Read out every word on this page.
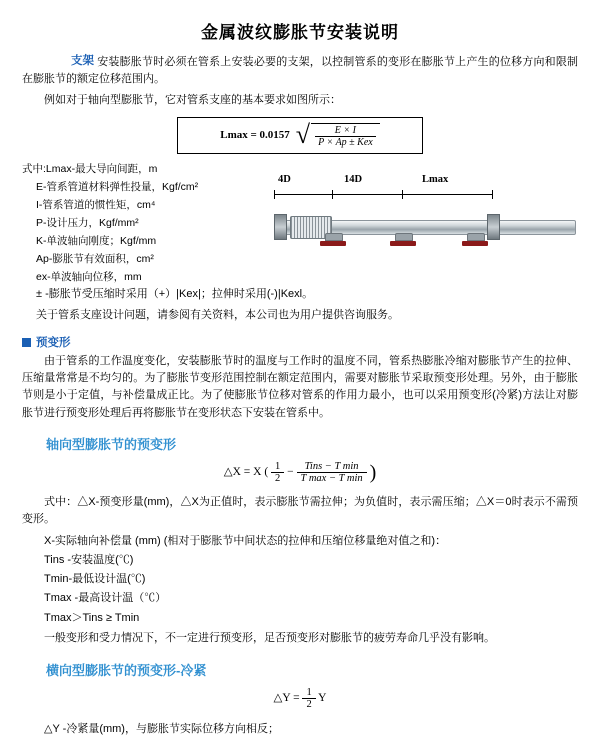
金属波纹膨胀节安装说明
支架 安装膨胀节时必须在管系上安装必要的支架，以控制管系的变形在膨胀节上产生的位移方向和限制在膨胀节的额定位移范围内。
例如对于轴向型膨胀节，它对管系支座的基本要求如图所示：
Lmax = 0.0157 √ $\frac{E \times I}{\text{P × Ap ± Kex}}$
式中:Lmax-最大导向间距，m
E-管系管道材料弹性投量，Kgf/cm²
I-管系管道的惯性矩，cm⁴
P-设计压力，Kgf/mm²
K-单波轴向刚度；Kgf/mm
Ap-膨胀节有效面积，cm²
ex-单波轴向位移，mm
4D	14D	Lmax
± -膨胀节受压缩时采用（+）|Kex|；拉伸时采用(-)|Kexl。
关于管系支座设计问题，请参阅有关资料，本公司也为用户提供咨询服务。
预变形
由于管系的工作温度变化，安装膨胀节时的温度与工作时的温度不同，管系热膨胀冷缩对膨胀节产生的拉伸、压缩量常常是不均匀的。为了膨胀节变形范围控制在额定范围内，需要对膨胀节采取预变形处理。另外，由于膨胀节则是小于定值，与补偿量成正比。为了使膨胀节位移对管系的作用力最小，也可以采用预变形(冷紧)方法让对膨胀节进行预变形处理后再将膨胀节在变形状态下安装在管系中。
轴向型膨胀节的预变形
△X = X ( $\frac{1}{2} - \frac{\text{Tins − T min}}{\text{T max − T min}}$ )
式中：△X-预变形量(mm)，△X为正值时，表示膨胀节需拉伸；为负值时，表示需压缩；△X＝0时表示不需预变形。
X-实际轴向补偿量 (mm) (相对于膨胀节中间状态的拉伸和压缩位移量绝对值之和)：
Tins -安装温度(℃)
Tmin-最低设计温(℃)
Tmax -最高设计温（℃）
Tmax＞Tins ≥ Tmin
一般变形和受力情况下，不一定进行预变形，足否预变形对膨胀节的疲劳寿命几乎没有影响。
横向型膨胀节的预变形-冷紧
△Y = $\frac{1}{2}$ Y
△Y -冷紧量(mm)，与膨胀节实际位移方向相反；
